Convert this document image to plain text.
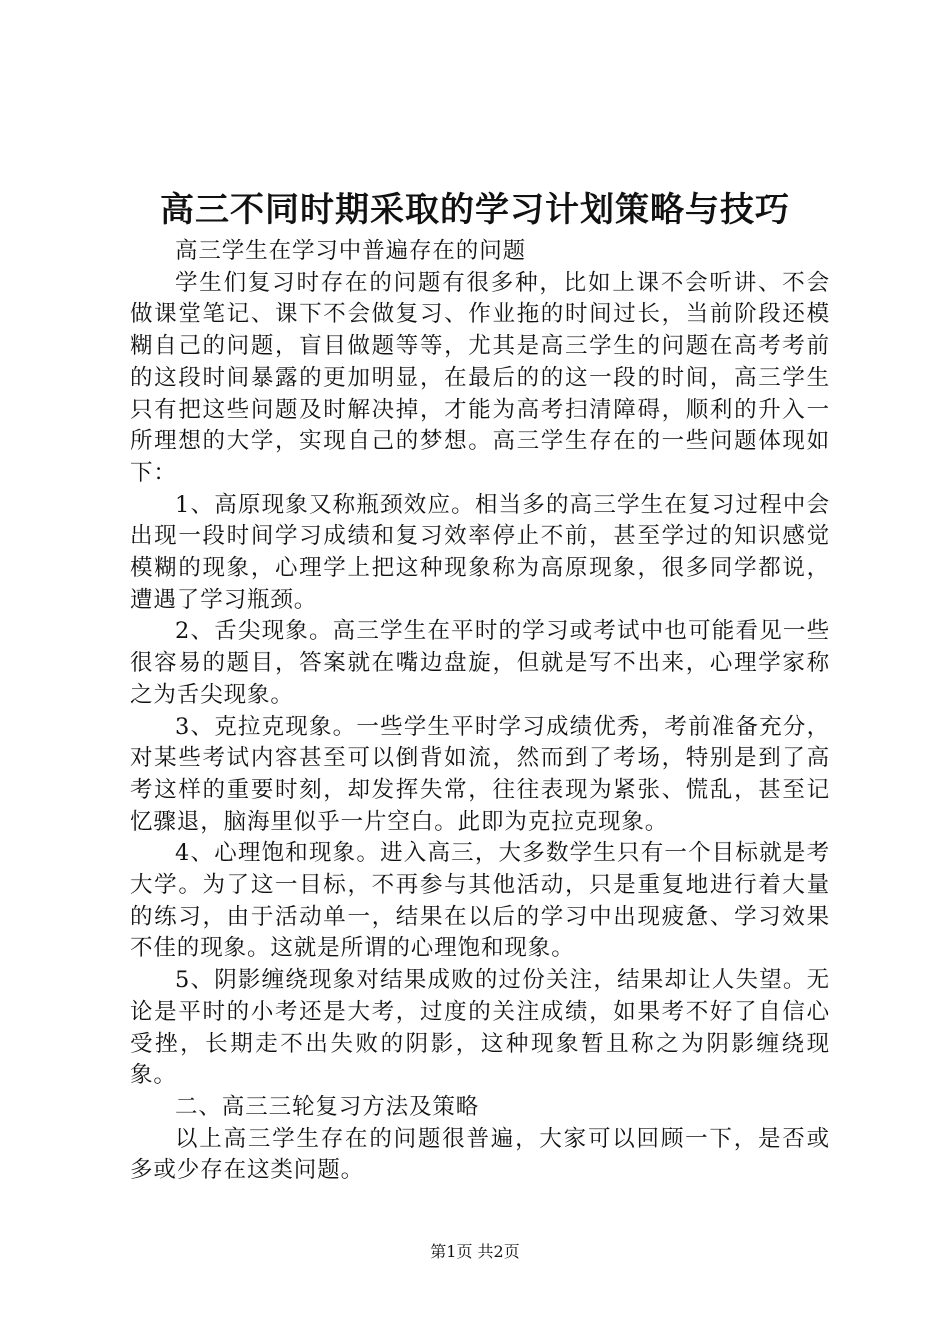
高三不同时期采取的学习计划策略与技巧

高三学生在学习中普遍存在的问题

学生们复习时存在的问题有很多种，比如上课不会听讲、不会做课堂笔记、课下不会做复习、作业拖的时间过长，当前阶段还模糊自己的问题，盲目做题等等，尤其是高三学生的问题在高考考前的这段时间暴露的更加明显，在最后的的这一段的时间，高三学生只有把这些问题及时解决掉，才能为高考扫清障碍，顺利的升入一所理想的大学，实现自己的梦想。高三学生存在的一些问题体现如下：

1、高原现象又称瓶颈效应。相当多的高三学生在复习过程中会出现一段时间学习成绩和复习效率停止不前，甚至学过的知识感觉模糊的现象，心理学上把这种现象称为高原现象，很多同学都说，遭遇了学习瓶颈。

2、舌尖现象。高三学生在平时的学习或考试中也可能看见一些很容易的题目，答案就在嘴边盘旋，但就是写不出来，心理学家称之为舌尖现象。

3、克拉克现象。一些学生平时学习成绩优秀，考前准备充分，对某些考试内容甚至可以倒背如流，然而到了考场，特别是到了高考这样的重要时刻，却发挥失常，往往表现为紧张、慌乱，甚至记忆骤退，脑海里似乎一片空白。此即为克拉克现象。

4、心理饱和现象。进入高三，大多数学生只有一个目标就是考大学。为了这一目标，不再参与其他活动，只是重复地进行着大量的练习，由于活动单一，结果在以后的学习中出现疲惫、学习效果不佳的现象。这就是所谓的心理饱和现象。

5、阴影缠绕现象对结果成败的过份关注，结果却让人失望。无论是平时的小考还是大考，过度的关注成绩，如果考不好了自信心受挫，长期走不出失败的阴影，这种现象暂且称之为阴影缠绕现象。

二、高三三轮复习方法及策略

以上高三学生存在的问题很普遍，大家可以回顾一下，是否或多或少存在这类问题。

第1页 共2页
